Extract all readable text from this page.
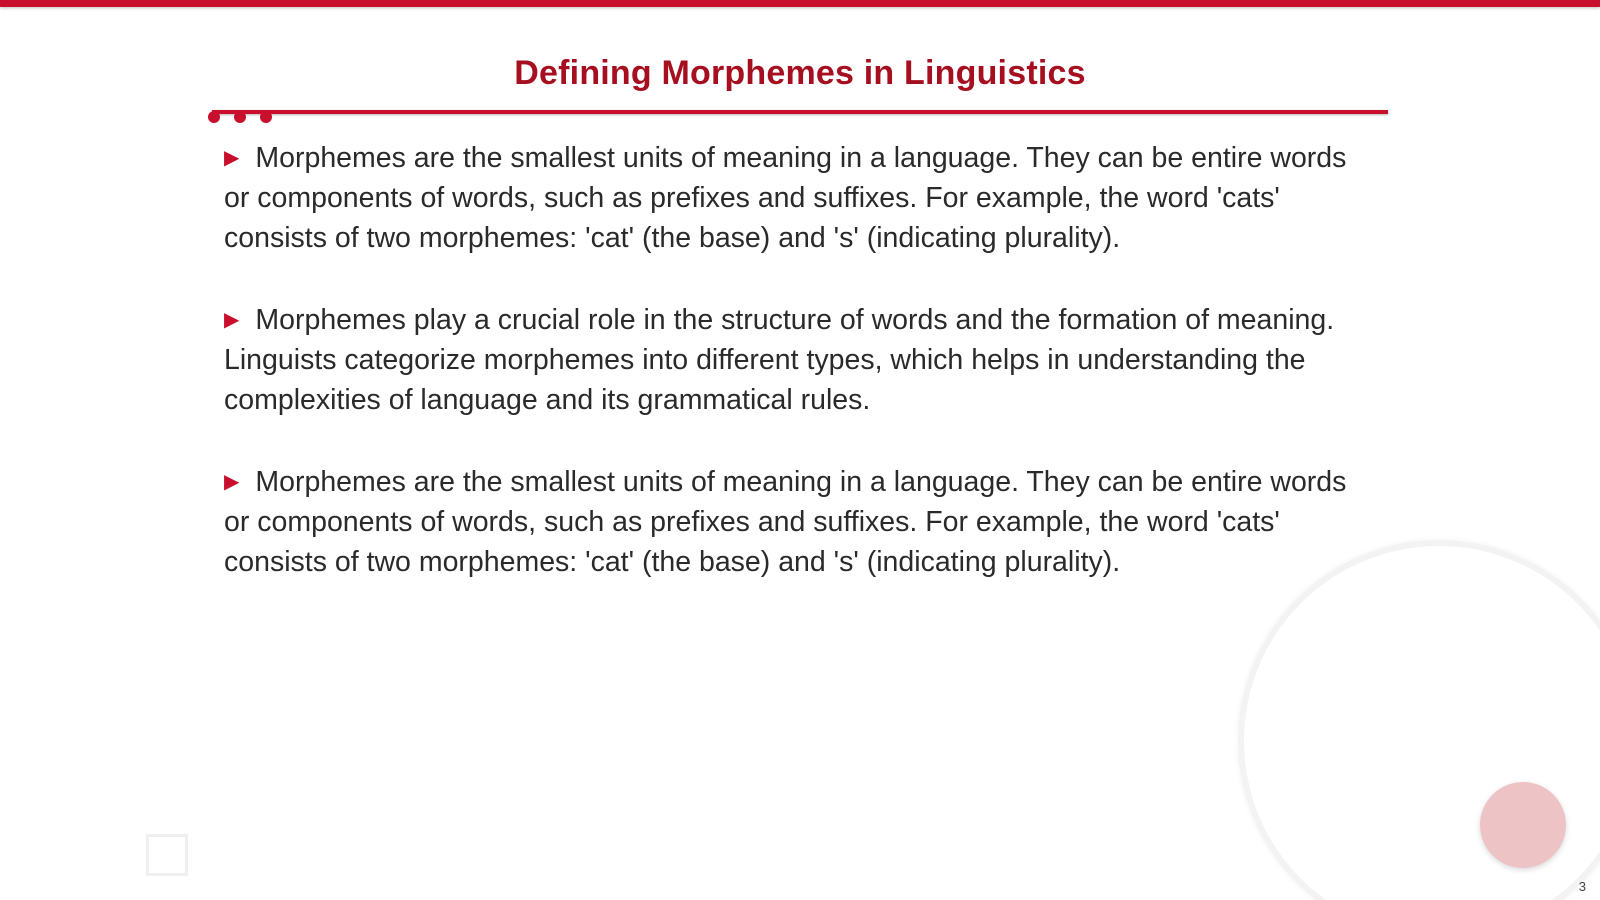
Defining Morphemes in Linguistics
▶ Morphemes are the smallest units of meaning in a language. They can be entire words or components of words, such as prefixes and suffixes. For example, the word 'cats' consists of two morphemes: 'cat' (the base) and 's' (indicating plurality).
▶ Morphemes play a crucial role in the structure of words and the formation of meaning. Linguists categorize morphemes into different types, which helps in understanding the complexities of language and its grammatical rules.
▶ Morphemes are the smallest units of meaning in a language. They can be entire words or components of words, such as prefixes and suffixes. For example, the word 'cats' consists of two morphemes: 'cat' (the base) and 's' (indicating plurality).
3
